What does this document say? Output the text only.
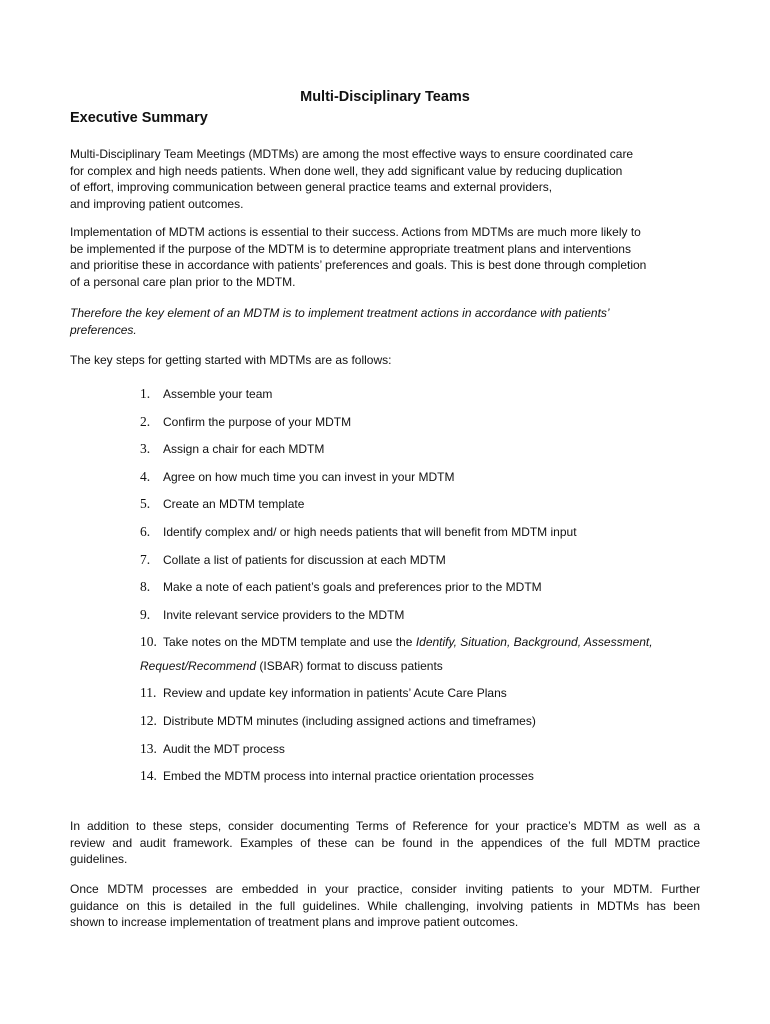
Multi-Disciplinary Teams
Executive Summary

Multi-Disciplinary Team Meetings (MDTMs) are among the most effective ways to ensure coordinated care
for complex and high needs patients. When done well, they add significant value by reducing duplication
of effort, improving communication between general practice teams and external providers,
and improving patient outcomes.

Implementation of MDTM actions is essential to their success. Actions from MDTMs are much more likely to
be implemented if the purpose of the MDTM is to determine appropriate treatment plans and interventions
and prioritise these in accordance with patients’ preferences and goals. This is best done through completion
of a personal care plan prior to the MDTM.

Therefore the key element of an MDTM is to implement treatment actions in accordance with patients’
preferences.

The key steps for getting started with MDTMs are as follows:

1. Assemble your team
2. Confirm the purpose of your MDTM
3. Assign a chair for each MDTM
4. Agree on how much time you can invest in your MDTM
5. Create an MDTM template
6. Identify complex and/ or high needs patients that will benefit from MDTM input
7. Collate a list of patients for discussion at each MDTM
8. Make a note of each patient’s goals and preferences prior to the MDTM
9. Invite relevant service providers to the MDTM
10. Take notes on the MDTM template and use the Identify, Situation, Background, Assessment,
Request/Recommend (ISBAR) format to discuss patients
11. Review and update key information in patients’ Acute Care Plans
12. Distribute MDTM minutes (including assigned actions and timeframes)
13. Audit the MDT process
14. Embed the MDTM process into internal practice orientation processes

In addition to these steps, consider documenting Terms of Reference for your practice’s MDTM as well as a
review and audit framework. Examples of these can be found in the appendices of the full MDTM practice
guidelines.

Once MDTM processes are embedded in your practice, consider inviting patients to your MDTM. Further
guidance on this is detailed in the full guidelines. While challenging, involving patients in MDTMs has been
shown to increase implementation of treatment plans and improve patient outcomes.
